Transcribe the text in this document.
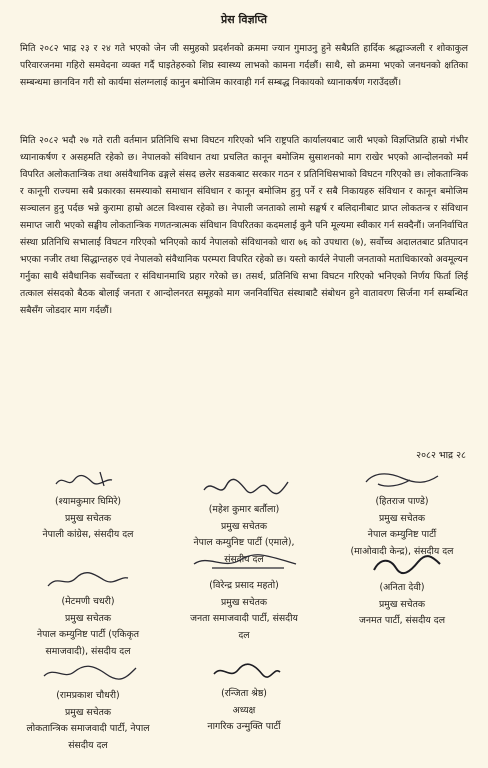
प्रेस विज्ञप्ति

मिति २०८२ भाद्र २३ र २४ गते भएको जेन जी समुहको प्रदर्शनको क्रममा ज्यान गुमाउनु हुने सबैप्रति हार्दिक श्रद्धाञ्जली र शोकाकुल परिवारजनमा गहिरो समवेदना व्यक्त गर्दै घाइतेहरुको शिघ्र स्वास्थ्य लाभको कामना गर्दछौं। साथै, सो क्रममा भएको जनधनको क्षतिका सम्बन्धमा छानविन गरी सो कार्यमा संलग्नलाई कानुन बमोजिम कारवाही गर्न सम्बद्ध निकायको ध्यानाकर्षण गराउँदछौं।

मिति २०८२ भदौ २७ गते राती वर्तमान प्रतिनिधि सभा विघटन गरिएको भनि राष्ट्रपति कार्यालयबाट जारी भएको विज्ञप्तिप्रति हाम्रो गंभीर ध्यानाकर्षण र असहमति रहेको छ। नेपालको संविधान तथा प्रचलित कानून बमोजिम सुसाशनको माग राखेर भएको आन्दोलनको मर्म विपरित अलोकतान्त्रिक तथा असंवैधानिक ढङ्गले संसद छलेर सडकबाट सरकार गठन र प्रतिनिधिसभाको विघटन गरिएको छ। लोकतान्त्रिक र कानूनी राज्यमा सबै प्रकारका समस्याको समाधान संविधान र कानून बमोजिम हुनु पर्ने र सबै निकायहरु संविधान र कानून बमोजिम सञ्चालन हुनु पर्दछ भन्ने कुरामा हाम्रो अटल विश्वास रहेको छ। नेपाली जनताको लामो सङ्घर्ष र बलिदानीबाट प्राप्त लोकतन्त्र र संविधान समाप्त जारी भएको सङ्घीय लोकतान्त्रिक गणतन्त्रात्मक संविधान विपरितका कदमलाई कुनै पनि मूल्यमा स्वीकार गर्न सक्दैनौं। जननिर्वाचित संस्था प्रतिनिधि सभालाई विघटन गरिएको भनिएको कार्य नेपालको संविधानको धारा ७६ को उपधारा (७), सर्वोच्च अदालतबाट प्रतिपादन भएका नजीर तथा सिद्धान्तहरु एवं नेपालको संवैधानिक परम्परा विपरित रहेको छ। यस्तो कार्यले नेपाली जनताको मताधिकारको अवमूल्यन गर्नुका साथै संवैधानिक सर्वोच्चता र संविधानमाथि प्रहार गरेको छ। तसर्थ, प्रतिनिधि सभा विघटन गरिएको भनिएको निर्णय फिर्ता लिई तत्काल संसदको बैठक बोलाई जनता र आन्दोलनरत समूहको माग जननिर्वाचित संस्थाबाटै संबोधन हुने वातावरण सिर्जना गर्न सम्बन्धित सबैसँग जोडदार माग गर्दछौं।

२०८२ भाद्र २८
(श्यामकुमार घिमिरे)
प्रमुख सचेतक
नेपाली कांग्रेस, संसदीय दल
(महेश कुमार बर्तौला)
प्रमुख सचेतक
नेपाल कम्युनिष्ट पार्टी (एमाले),
संसदीय दल
(हितराज पाण्डे)
प्रमुख सचेतक
नेपाल कम्युनिष्ट पार्टी
(माओवादी केन्द्र), संसदीय दल
(मेटमणी चधरी)
प्रमुख सचेतक
नेपाल कम्युनिष्ट पार्टी (एकिकृत
समाजवादी), संसदीय दल
(विरेन्द्र प्रसाद महतो)
प्रमुख सचेतक
जनता समाजवादी पार्टी, संसदीय
दल
(अनिता देवी)
प्रमुख सचेतक
जनमत पार्टी, संसदीय दल
(रामप्रकाश चौधरी)
प्रमुख सचेतक
लोकतान्त्रिक समाजवादी पार्टी, नेपाल
संसदीय दल
(रन्जिता श्रेष्ठ)
अध्यक्ष
नागरिक उन्मुक्ति पार्टी
